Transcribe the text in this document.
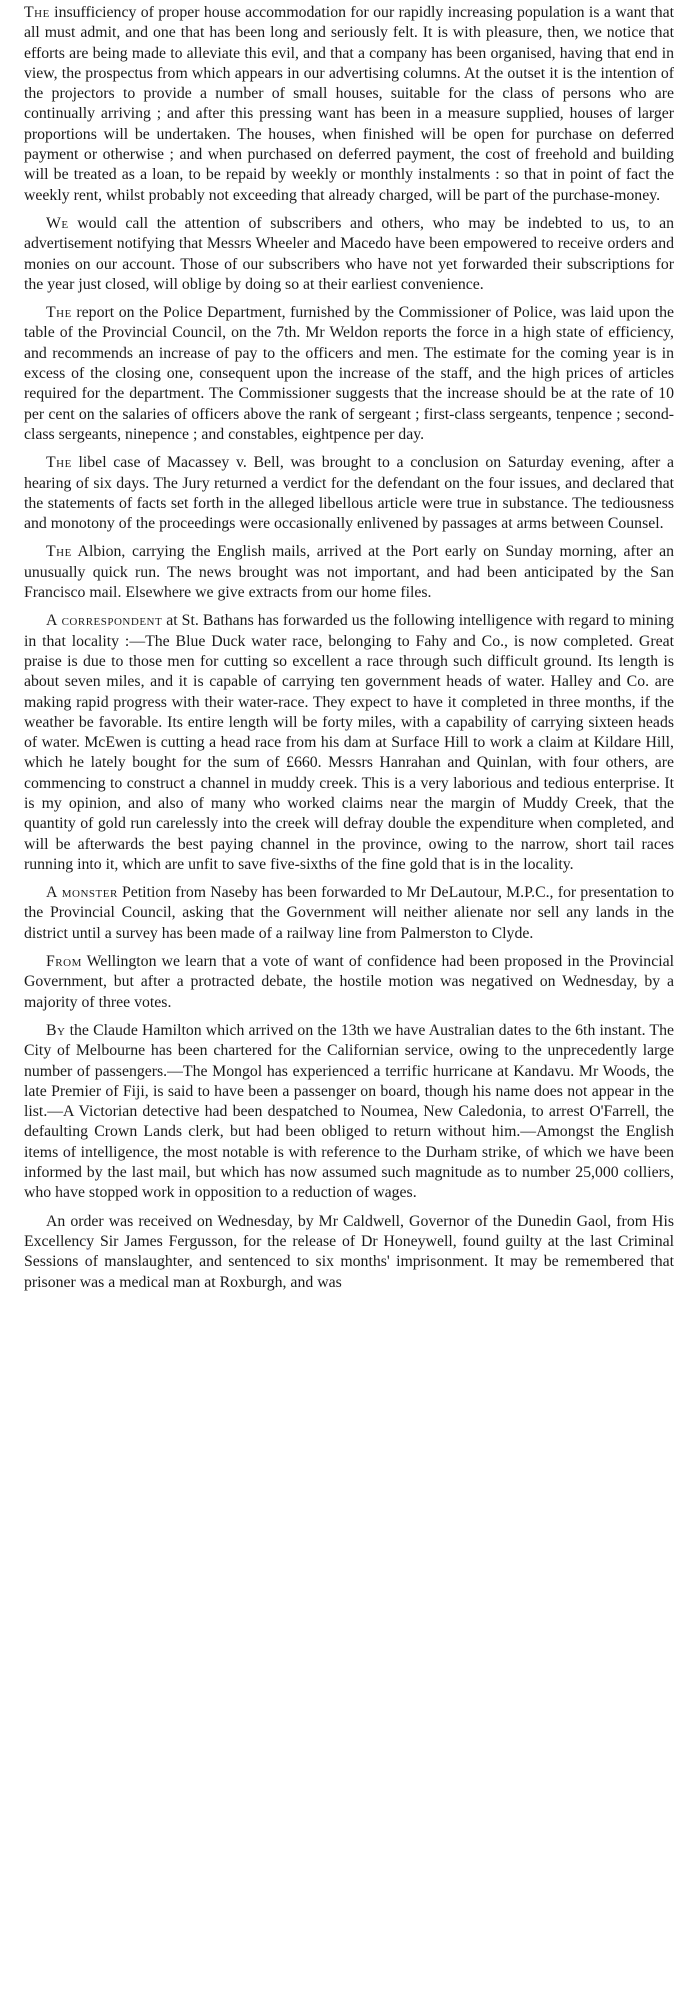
The insufficiency of proper house accommodation for our rapidly increasing population is a want that all must admit, and one that has been long and seriously felt. It is with pleasure, then, we notice that efforts are being made to alleviate this evil, and that a company has been organised, having that end in view, the prospectus from which appears in our advertising columns. At the outset it is the intention of the projectors to provide a number of small houses, suitable for the class of persons who are continually arriving ; and after this pressing want has been in a measure supplied, houses of larger proportions will be undertaken. The houses, when finished will be open for purchase on deferred payment or otherwise ; and when purchased on deferred payment, the cost of freehold and building will be treated as a loan, to be repaid by weekly or monthly instalments : so that in point of fact the weekly rent, whilst probably not exceeding that already charged, will be part of the purchase-money.

We would call the attention of subscribers and others, who may be indebted to us, to an advertisement notifying that Messrs Wheeler and Macedo have been empowered to receive orders and monies on our account. Those of our subscribers who have not yet forwarded their subscriptions for the year just closed, will oblige by doing so at their earliest convenience.

The report on the Police Department, furnished by the Commissioner of Police, was laid upon the table of the Provincial Council, on the 7th. Mr Weldon reports the force in a high state of efficiency, and recommends an increase of pay to the officers and men. The estimate for the coming year is in excess of the closing one, consequent upon the increase of the staff, and the high prices of articles required for the department. The Commissioner suggests that the increase should be at the rate of 10 per cent on the salaries of officers above the rank of sergeant ; first-class sergeants, tenpence ; second-class sergeants, ninepence ; and constables, eightpence per day.

The libel case of Macassey v. Bell, was brought to a conclusion on Saturday evening, after a hearing of six days. The Jury returned a verdict for the defendant on the four issues, and declared that the statements of facts set forth in the alleged libellous article were true in substance. The tediousness and monotony of the proceedings were occasionally enlivened by passages at arms between Counsel.

The Albion, carrying the English mails, arrived at the Port early on Sunday morning, after an unusually quick run. The news brought was not important, and had been anticipated by the San Francisco mail. Elsewhere we give extracts from our home files.

A correspondent at St. Bathans has forwarded us the following intelligence with regard to mining in that locality :—The Blue Duck water race, belonging to Fahy and Co., is now completed. Great praise is due to those men for cutting so excellent a race through such difficult ground. Its length is about seven miles, and it is capable of carrying ten government heads of water. Halley and Co. are making rapid progress with their water-race. They expect to have it completed in three months, if the weather be favorable. Its entire length will be forty miles, with a capability of carrying sixteen heads of water. McEwen is cutting a head race from his dam at Surface Hill to work a claim at Kildare Hill, which he lately bought for the sum of £660. Messrs Hanrahan and Quinlan, with four others, are commencing to construct a channel in muddy creek. This is a very laborious and tedious enterprise. It is my opinion, and also of many who worked claims near the margin of Muddy Creek, that the quantity of gold run carelessly into the creek will defray double the expenditure when completed, and will be afterwards the best paying channel in the province, owing to the narrow, short tail races running into it, which are unfit to save five-sixths of the fine gold that is in the locality.

A monster Petition from Naseby has been forwarded to Mr DeLautour, M.P.C., for presentation to the Provincial Council, asking that the Government will neither alienate nor sell any lands in the district until a survey has been made of a railway line from Palmerston to Clyde.

From Wellington we learn that a vote of want of confidence had been proposed in the Provincial Government, but after a protracted debate, the hostile motion was negatived on Wednesday, by a majority of three votes.

By the Claude Hamilton which arrived on the 13th we have Australian dates to the 6th instant. The City of Melbourne has been chartered for the Californian service, owing to the unprecedently large number of passengers.—The Mongol has experienced a terrific hurricane at Kandavu. Mr Woods, the late Premier of Fiji, is said to have been a passenger on board, though his name does not appear in the list.—A Victorian detective had been despatched to Noumea, New Caledonia, to arrest O'Farrell, the defaulting Crown Lands clerk, but had been obliged to return without him.—Amongst the English items of intelligence, the most notable is with reference to the Durham strike, of which we have been informed by the last mail, but which has now assumed such magnitude as to number 25,000 colliers, who have stopped work in opposition to a reduction of wages.

An order was received on Wednesday, by Mr Caldwell, Governor of the Dunedin Gaol, from His Excellency Sir James Fergusson, for the release of Dr Honeywell, found guilty at the last Criminal Sessions of manslaughter, and sentenced to six months' imprisonment. It may be remembered that prisoner was a medical man at Roxburgh, and was
